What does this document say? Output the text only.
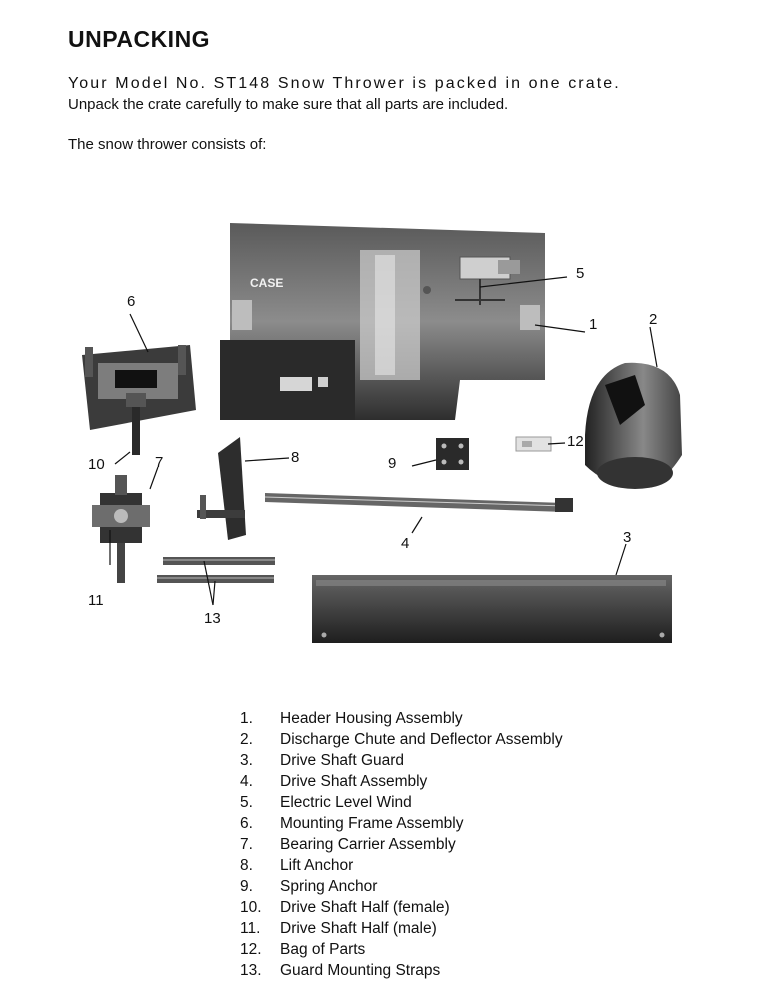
UNPACKING
Your Model No. ST148 Snow Thrower is packed in one crate.
Unpack the crate carefully to make sure that all parts are included.
The snow thrower consists of:
CASE
1	2
3
4
5
6
7	8	9
10
11
12
13
1. Header Housing Assembly
2. Discharge Chute and Deflector Assembly
3. Drive Shaft Guard
4. Drive Shaft Assembly
5. Electric Level Wind
6. Mounting Frame Assembly
7. Bearing Carrier Assembly
8. Lift Anchor
9. Spring Anchor
10. Drive Shaft Half (female)
11. Drive Shaft Half (male)
12. Bag of Parts
13. Guard Mounting Straps
